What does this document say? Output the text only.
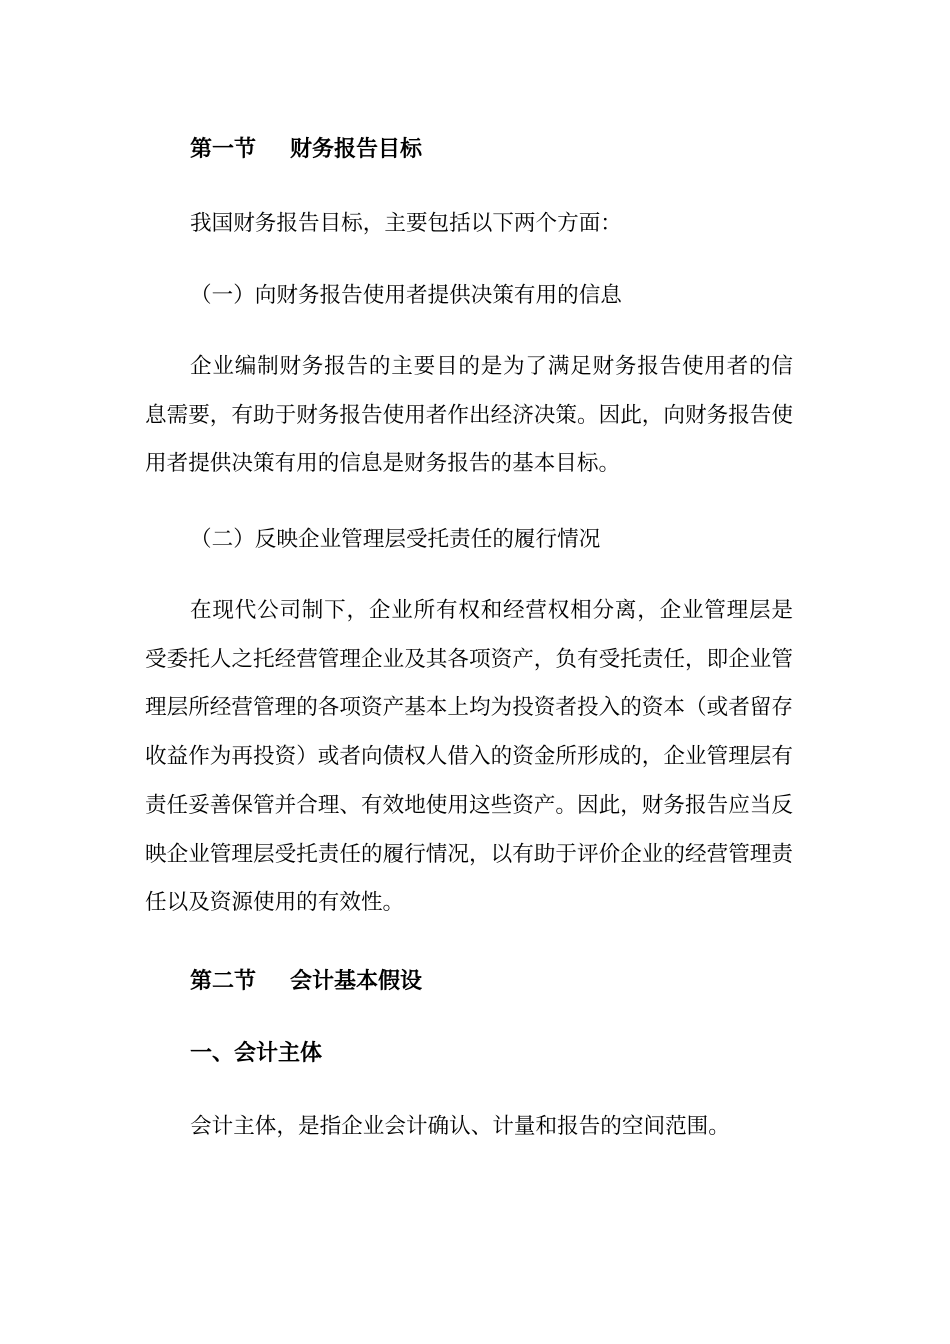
第一节 财务报告目标

我国财务报告目标，主要包括以下两个方面：

（一）向财务报告使用者提供决策有用的信息

企业编制财务报告的主要目的是为了满足财务报告使用者的信息需要，有助于财务报告使用者作出经济决策。因此，向财务报告使用者提供决策有用的信息是财务报告的基本目标。

（二）反映企业管理层受托责任的履行情况

在现代公司制下，企业所有权和经营权相分离，企业管理层是受委托人之托经营管理企业及其各项资产，负有受托责任，即企业管理层所经营管理的各项资产基本上均为投资者投入的资本（或者留存收益作为再投资）或者向债权人借入的资金所形成的，企业管理层有责任妥善保管并合理、有效地使用这些资产。因此，财务报告应当反映企业管理层受托责任的履行情况，以有助于评价企业的经营管理责任以及资源使用的有效性。

第二节 会计基本假设
一、会计主体

会计主体，是指企业会计确认、计量和报告的空间范围。
